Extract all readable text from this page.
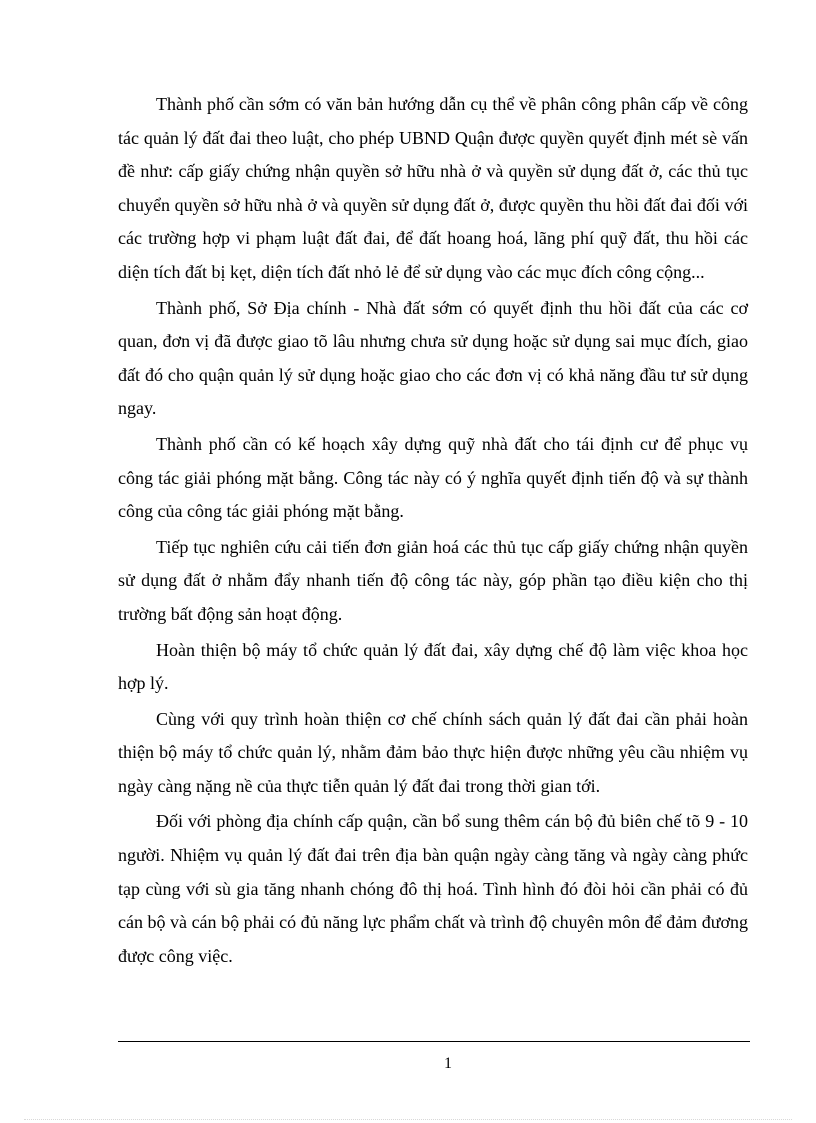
Thành phố cần sớm có văn bản hướng dẫn cụ thể về phân công phân cấp về công tác quản lý đất đai theo luật, cho phép UBND Quận được quyền quyết định mét sè vấn đề như: cấp giấy chứng nhận quyền sở hữu nhà ở và quyền sử dụng đất ở, các thủ tục chuyển quyền sở hữu nhà ở và quyền sử dụng đất ở, được quyền thu hồi đất đai đối với các trường hợp vi phạm luật đất đai, để đất hoang hoá, lãng phí quỹ đất, thu hồi các diện tích đất bị kẹt, diện tích đất nhỏ lẻ để sử dụng vào các mục đích công cộng...

Thành phố, Sở Địa chính - Nhà đất sớm có quyết định thu hồi đất của các cơ quan, đơn vị đã được giao tõ lâu nhưng chưa sử dụng hoặc sử dụng sai mục đích, giao đất đó cho quận quản lý sử dụng hoặc giao cho các đơn vị có khả năng đầu tư sử dụng ngay.

Thành phố cần có kế hoạch xây dựng quỹ nhà đất cho tái định cư để phục vụ công tác giải phóng mặt bằng. Công tác này có ý nghĩa quyết định tiến độ và sự thành công của công tác giải phóng mặt bằng.

Tiếp tục nghiên cứu cải tiến đơn giản hoá các thủ tục cấp giấy chứng nhận quyền sử dụng đất ở nhằm đẩy nhanh tiến độ công tác này, góp phần tạo điều kiện cho thị trường bất động sản hoạt động.

Hoàn thiện bộ máy tổ chức quản lý đất đai, xây dựng chế độ làm việc khoa học hợp lý.

Cùng với quy trình hoàn thiện cơ chế chính sách quản lý đất đai cần phải hoàn thiện bộ máy tổ chức quản lý, nhằm đảm bảo thực hiện được những yêu cầu nhiệm vụ ngày càng nặng nề của thực tiễn quản lý đất đai trong thời gian tới.

Đối với phòng địa chính cấp quận, cần bổ sung thêm cán bộ đủ biên chế tõ 9 - 10 người. Nhiệm vụ quản lý đất đai trên địa bàn quận ngày càng tăng và ngày càng phức tạp cùng với sù gia tăng nhanh chóng đô thị hoá. Tình hình đó đòi hỏi cần phải có đủ cán bộ và cán bộ phải có đủ năng lực phẩm chất và trình độ chuyên môn để đảm đương được công việc.

1
